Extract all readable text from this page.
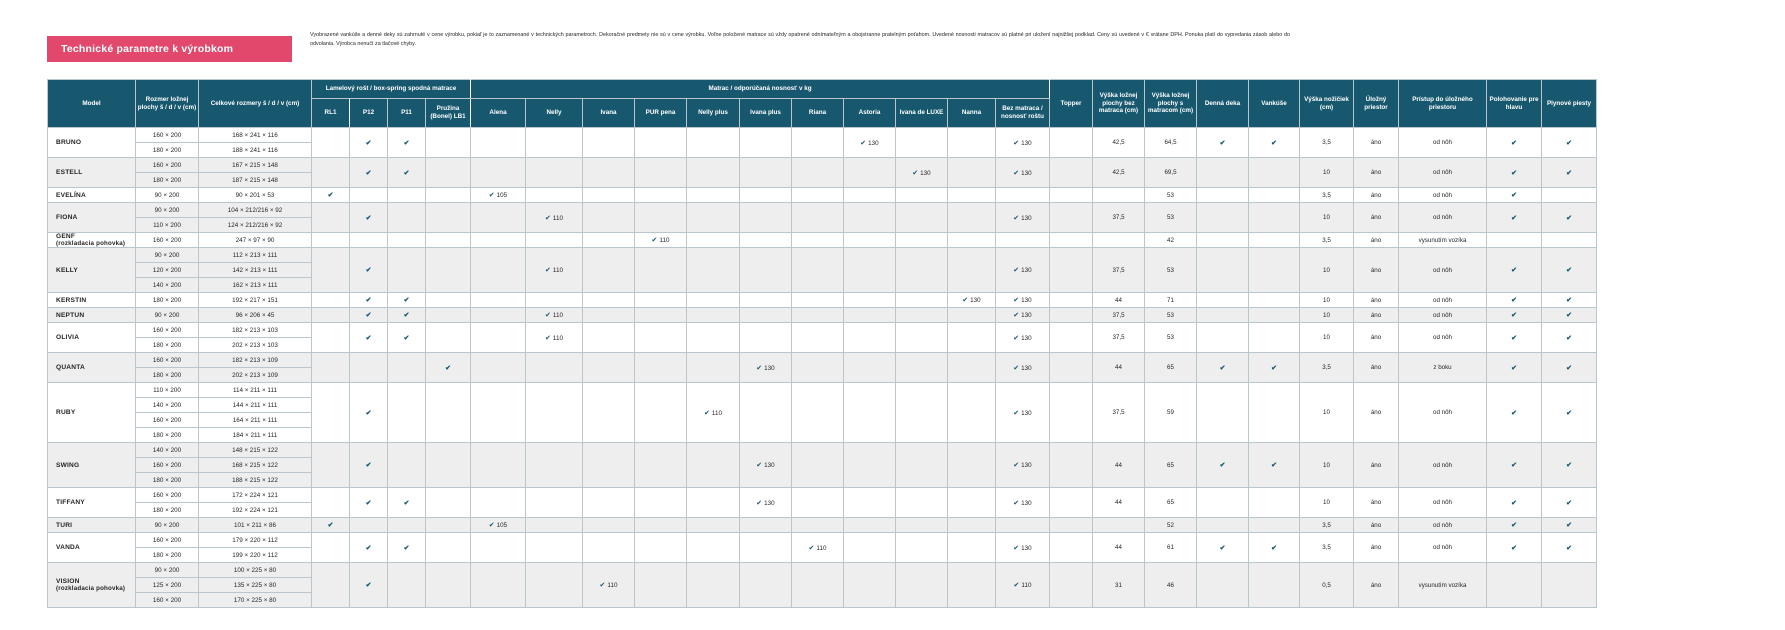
Technické parametre k výrobkom
Vyobrazené vankúše a denné deky sú zahrnuté v cene výrobku, pokiaľ je to zaznamenané v technických parametroch. Dekoračné predmety nie sú v cene výrobku. Voľne položené matrace sú vždy opatrené odnímateľným a obojstranne pratelným poťahom. Uvedené nosnosti matracov sú platné pri uložení najnižšej podklad. Ceny sú uvedené v € vrátane DPH. Ponuka platí do vypredania zásob alebo do odvolania. Výrobca nenučí za tlačové chyby.
Model	Rozmer ložnej plochy š / d / v (cm)	Celkové rozmery š / d / v (cm)	Lamelový rošt / box-spring spodná matrace				Matrac / odporúčaná nosnosť v kg											Topper	Výška ložnej plochy bez matraca (cm)	Výška ložnej plochy s matracom (cm)	Denná deka	Vankúše	Výška nožičiek (cm)	Úložný priestor	Prístup do úložného priestoru	Polohovanie pre hlavu	Plynové piesty
			RL1	P12	P11	Pružina (Bonel) LB1	Alena	Nelly	Ivana	PUR pena	Nelly plus	Ivana plus	Riana	Astoria	Ivana de LUXE	Nanna	Bez matraca / nosnosť roštu										
BRUNO	160 × 200	168 × 241 × 116		✔	✔									✔ 130			✔ 130		42,5	64,5	✔	✔	3,5	áno	od nôh	✔	✔
	180 × 200	188 × 241 × 116																									
ESTELL	160 × 200	167 × 215 × 148		✔	✔										✔ 130		✔ 130		42,5	69,5			10	áno	od nôh	✔	✔
	180 × 200	187 × 215 × 148																									
EVELÍNA	90 × 200	90 × 201 × 53	✔				✔ 105													53			3,5	áno	od nôh	✔	
FIONA	90 × 200	104 × 212/216 × 92		✔				✔ 110									✔ 130		37,5	53			10	áno	od nôh	✔	✔
	110 × 200	124 × 212/216 × 92																									
GENF
(rozkladacia pohovka)	160 × 200	247 × 97 × 90								✔ 110										42			3,5	áno	vysunutím vozíka		
KELLY	90 × 200	112 × 213 × 111		✔				✔ 110									✔ 130		37,5	53			10	áno	od nôh	✔	✔
	120 × 200	142 × 213 × 111																									
	140 × 200	162 × 213 × 111																									
KERSTIN	180 × 200	192 × 217 × 151		✔	✔											✔ 130	✔ 130		44	71			10	áno	od nôh	✔	✔
NEPTUN	90 × 200	96 × 206 × 45		✔	✔			✔ 110									✔ 130		37,5	53			10	áno	od nôh	✔	✔
OLIVIA	160 × 200	182 × 213 × 103		✔	✔			✔ 110									✔ 130		37,5	53			10	áno	od nôh	✔	✔
	180 × 200	202 × 213 × 103																									
QUANTA	160 × 200	182 × 213 × 109				✔						✔ 130					✔ 130		44	65	✔	✔	3,5	áno	z boku	✔	✔
	180 × 200	202 × 213 × 109																									
RUBY	110 × 200	114 × 211 × 111		✔							✔ 110						✔ 130		37,5	59			10	áno	od nôh	✔	✔
	140 × 200	144 × 211 × 111																									
	160 × 200	164 × 211 × 111																									
	180 × 200	184 × 211 × 111																									
SWING	140 × 200	148 × 215 × 122		✔								✔ 130					✔ 130		44	65	✔	✔	10	áno	od nôh	✔	✔
	160 × 200	168 × 215 × 122																									
	180 × 200	188 × 215 × 122																									
TIFFANY	160 × 200	172 × 224 × 121		✔	✔							✔ 130					✔ 130		44	65			10	áno	od nôh	✔	✔
	180 × 200	192 × 224 × 121																									
TURI	90 × 200	101 × 211 × 86	✔				✔ 105													52			3,5	áno	od nôh	✔	✔
VANDA	160 × 200	179 × 220 × 112		✔	✔								✔ 110				✔ 130		44	61	✔	✔	3,5	áno	od nôh	✔	✔
	180 × 200	199 × 220 × 112																									
VISION
(rozkladacia pohovka)	90 × 200	100 × 225 × 80		✔					✔ 110								✔ 110		31	46			0,5	áno	vysunutím vozíka		
	125 × 200	135 × 225 × 80																									
	160 × 200	170 × 225 × 80																									
